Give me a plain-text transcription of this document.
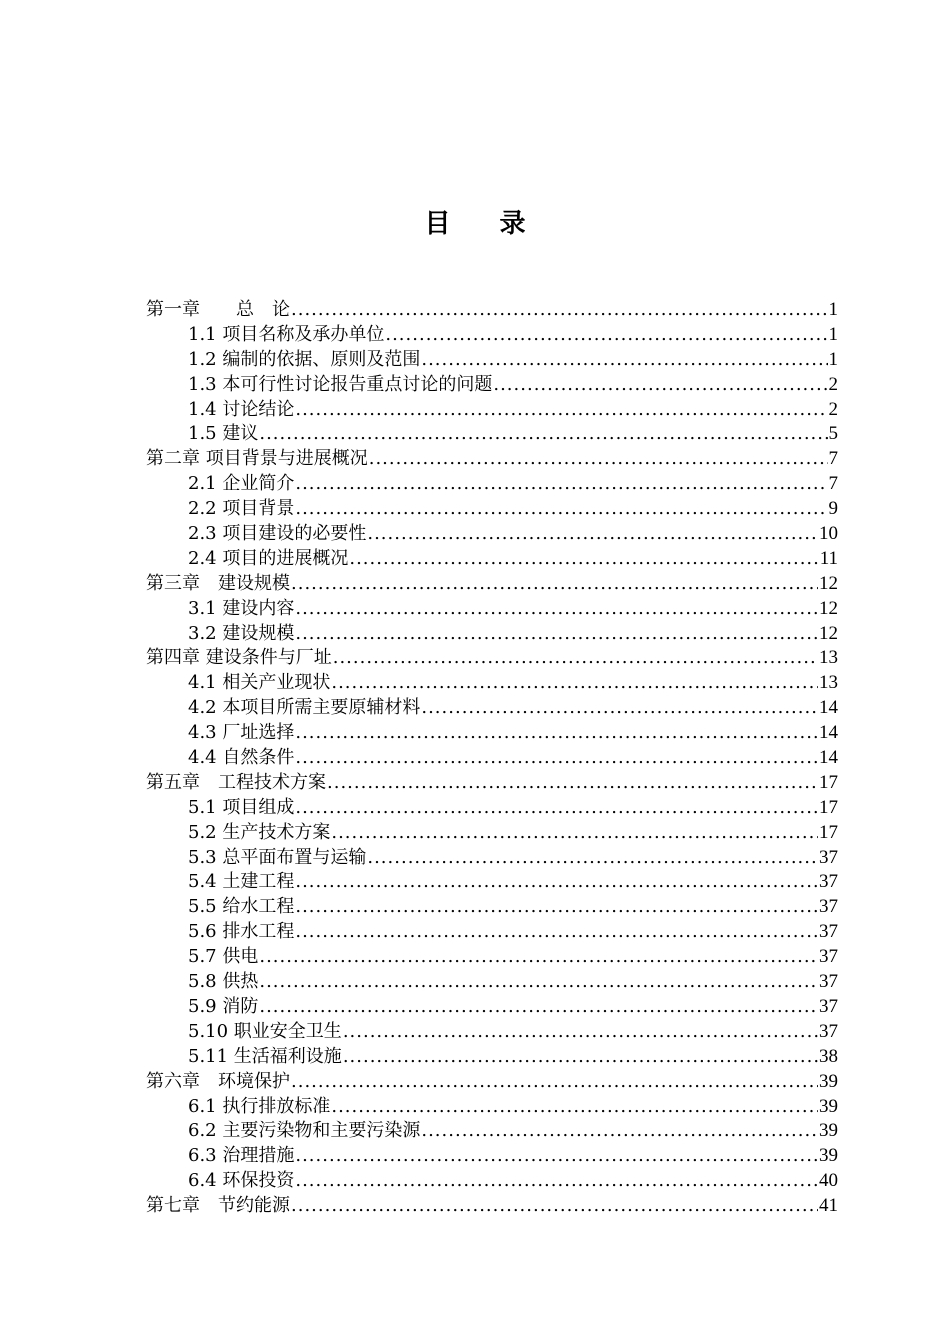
目 录
第一章　　总　论 .....	1
1.1 项目名称及承办单位 .....	1
1.2 编制的依据、原则及范围 .....	1
1.3 本可行性讨论报告重点讨论的问题 .....	2
1.4 讨论结论 .....	2
1.5 建议 .....	5
第二章 项目背景与进展概况 .....	7
2.1 企业简介 .....	7
2.2 项目背景 .....	9
2.3 项目建设的必要性 .....	10
2.4 项目的进展概况 .....	11
第三章　建设规模 .....	12
3.1 建设内容 .....	12
3.2 建设规模 .....	12
第四章 建设条件与厂址 .....	13
4.1 相关产业现状 .....	13
4.2 本项目所需主要原辅材料 .....	14
4.3 厂址选择 .....	14
4.4 自然条件 .....	14
第五章　工程技术方案 .....	17
5.1 项目组成 .....	17
5.2 生产技术方案 .....	17
5.3 总平面布置与运输 .....	37
5.4 土建工程 .....	37
5.5 给水工程 .....	37
5.6 排水工程 .....	37
5.7 供电 .....	37
5.8 供热 .....	37
5.9 消防 .....	37
5.10 职业安全卫生 .....	37
5.11 生活福利设施 .....	38
第六章　环境保护 .....	39
6.1 执行排放标准 .....	39
6.2 主要污染物和主要污染源 .....	39
6.3 治理措施 .....	39
6.4 环保投资 .....	40
第七章　节约能源 .....	41
